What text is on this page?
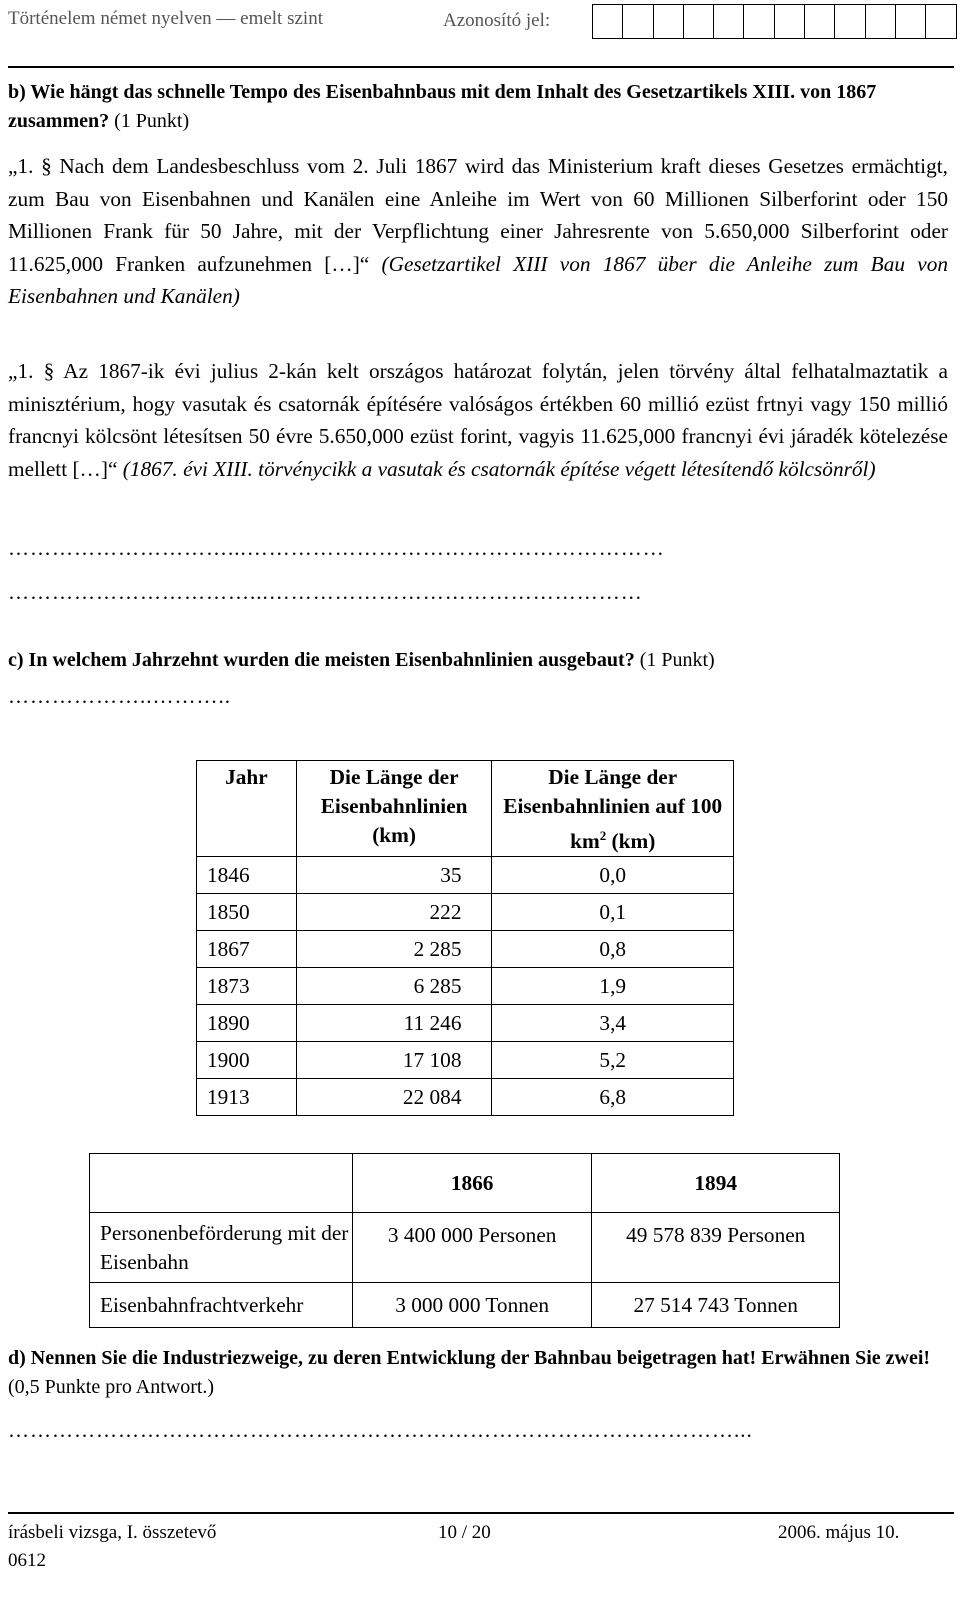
Történelem német nyelven — emelt szint	Azonosító jel:
b) Wie hängt das schnelle Tempo des Eisenbahnbaus mit dem Inhalt des Gesetzartikels XIII. von 1867 zusammen? (1 Punkt)
„1. § Nach dem Landesbeschluss vom 2. Juli 1867 wird das Ministerium kraft dieses Gesetzes ermächtigt, zum Bau von Eisenbahnen und Kanälen eine Anleihe im Wert von 60 Millionen Silberforint oder 150 Millionen Frank für 50 Jahre, mit der Verpflichtung einer Jahresrente von 5.650,000 Silberforint oder 11.625,000 Franken aufzunehmen […]“ (Gesetzartikel XIII von 1867 über die Anleihe zum Bau von Eisenbahnen und Kanälen)
„1. § Az 1867-ik évi julius 2-kán kelt országos határozat folytán, jelen törvény által felhatalmaztatik a minisztérium, hogy vasutak és csatornák építésére valóságos értékben 60 millió ezüst frtnyi vagy 150 millió francnyi kölcsönt létesítsen 50 évre 5.650,000 ezüst forint, vagyis 11.625,000 francnyi évi járadék kötelezése mellett […]“ (1867. évi XIII. törvénycikk a vasutak és csatornák építése végett létesítendő kölcsönről)
…………………………...…………………………………………………
……………………………...……………………………………………
c) In welchem Jahrzehnt wurden die meisten Eisenbahnlinien ausgebaut? (1 Punkt)
………………..………..
Jahr	Die Länge der Eisenbahnlinien (km)	Die Länge der Eisenbahnlinien auf 100 $km^2$ (km)
1846	35	0,0
1850	222	0,1
1867	2 285	0,8
1873	6 285	1,9
1890	11 246	3,4
1900	17 108	5,2
1913	22 084	6,8
	1866	1894
Personenbeförderung mit der Eisenbahn	3 400 000 Personen	49 578 839 Personen
Eisenbahnfrachtverkehr	3 000 000 Tonnen	27 514 743 Tonnen
d) Nennen Sie die Industriezweige, zu deren Entwicklung der Bahnbau beigetragen hat! Erwähnen Sie zwei! (0,5 Punkte pro Antwort.)
………………………………………………………………………………………...
írásbeli vizsga, I. összetevő	10 / 20	2006. május 10.
0612
